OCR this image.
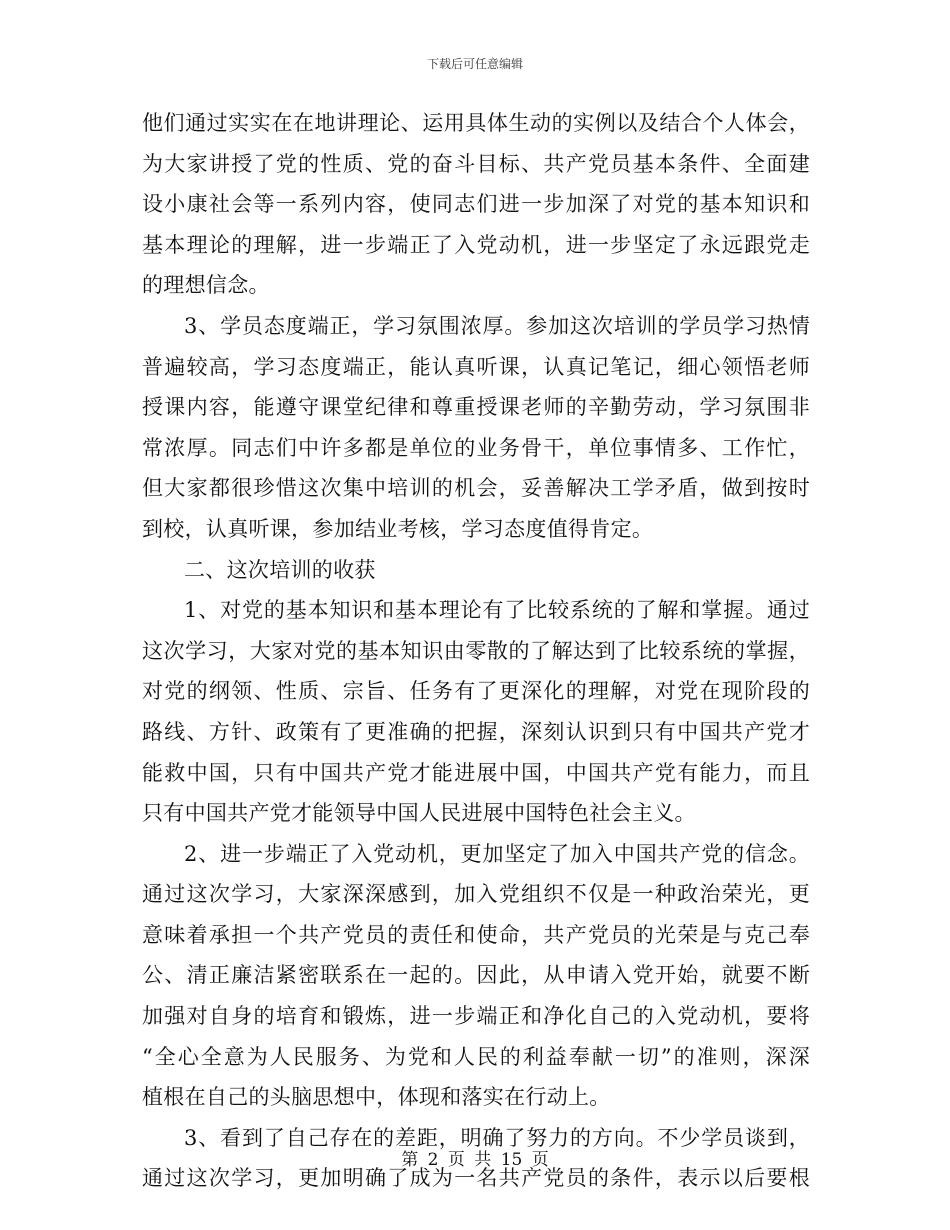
下载后可任意编辑
他们通过实实在在地讲理论、运用具体生动的实例以及结合个人体会，
为大家讲授了党的性质、党的奋斗目标、共产党员基本条件、全面建
设小康社会等一系列内容，使同志们进一步加深了对党的基本知识和
基本理论的理解，进一步端正了入党动机，进一步坚定了永远跟党走
的理想信念。
3、学员态度端正，学习氛围浓厚。参加这次培训的学员学习热情
普遍较高，学习态度端正，能认真听课，认真记笔记，细心领悟老师
授课内容，能遵守课堂纪律和尊重授课老师的辛勤劳动，学习氛围非
常浓厚。同志们中许多都是单位的业务骨干，单位事情多、工作忙，
但大家都很珍惜这次集中培训的机会，妥善解决工学矛盾，做到按时
到校，认真听课，参加结业考核，学习态度值得肯定。
二、这次培训的收获
1、对党的基本知识和基本理论有了比较系统的了解和掌握。通过
这次学习，大家对党的基本知识由零散的了解达到了比较系统的掌握，
对党的纲领、性质、宗旨、任务有了更深化的理解，对党在现阶段的
路线、方针、政策有了更准确的把握，深刻认识到只有中国共产党才
能救中国，只有中国共产党才能进展中国，中国共产党有能力，而且
只有中国共产党才能领导中国人民进展中国特色社会主义。
2、进一步端正了入党动机，更加坚定了加入中国共产党的信念。
通过这次学习，大家深深感到，加入党组织不仅是一种政治荣光，更
意味着承担一个共产党员的责任和使命，共产党员的光荣是与克己奉
公、清正廉洁紧密联系在一起的。因此，从申请入党开始，就要不断
加强对自身的培育和锻炼，进一步端正和净化自己的入党动机，要将
“全心全意为人民服务、为党和人民的利益奉献一切”的准则，深深
植根在自己的头脑思想中，体现和落实在行动上。
3、看到了自己存在的差距，明确了努力的方向。不少学员谈到，
通过这次学习，更加明确了成为一名共产党员的条件，表示以后要根
第 2 页 共 15 页
